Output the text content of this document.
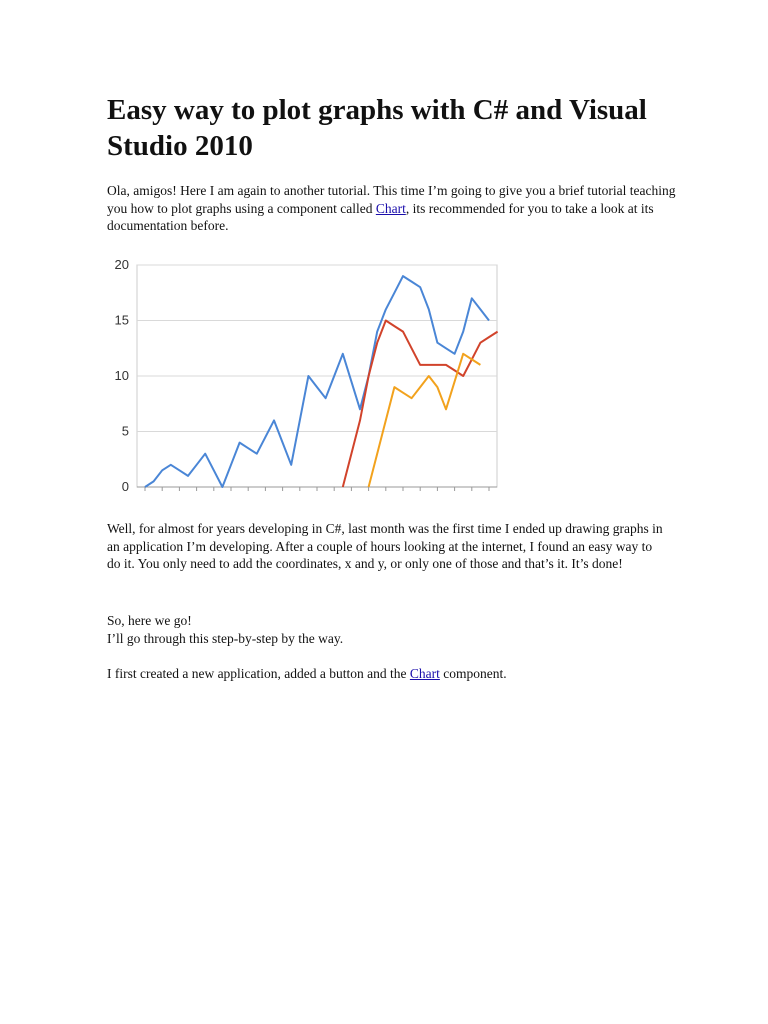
Easy way to plot graphs with C# and Visual Studio 2010

Ola, amigos! Here I am again to another tutorial. This time I’m going to give you a brief tutorial teaching you how to plot graphs using a component called Chart, its recommended for you to take a look at its documentation before.

Well, for almost for years developing in C#, last month was the first time I ended up drawing graphs in an application I’m developing. After a couple of hours looking at the internet, I found an easy way to do it. You only need to add the coordinates, x and y, or only one of those and that’s it. It’s done!

So, here we go!
I’ll go through this step-by-step by the way.

I first created a new application, added a button and the Chart component.

0
5
10
15
20
